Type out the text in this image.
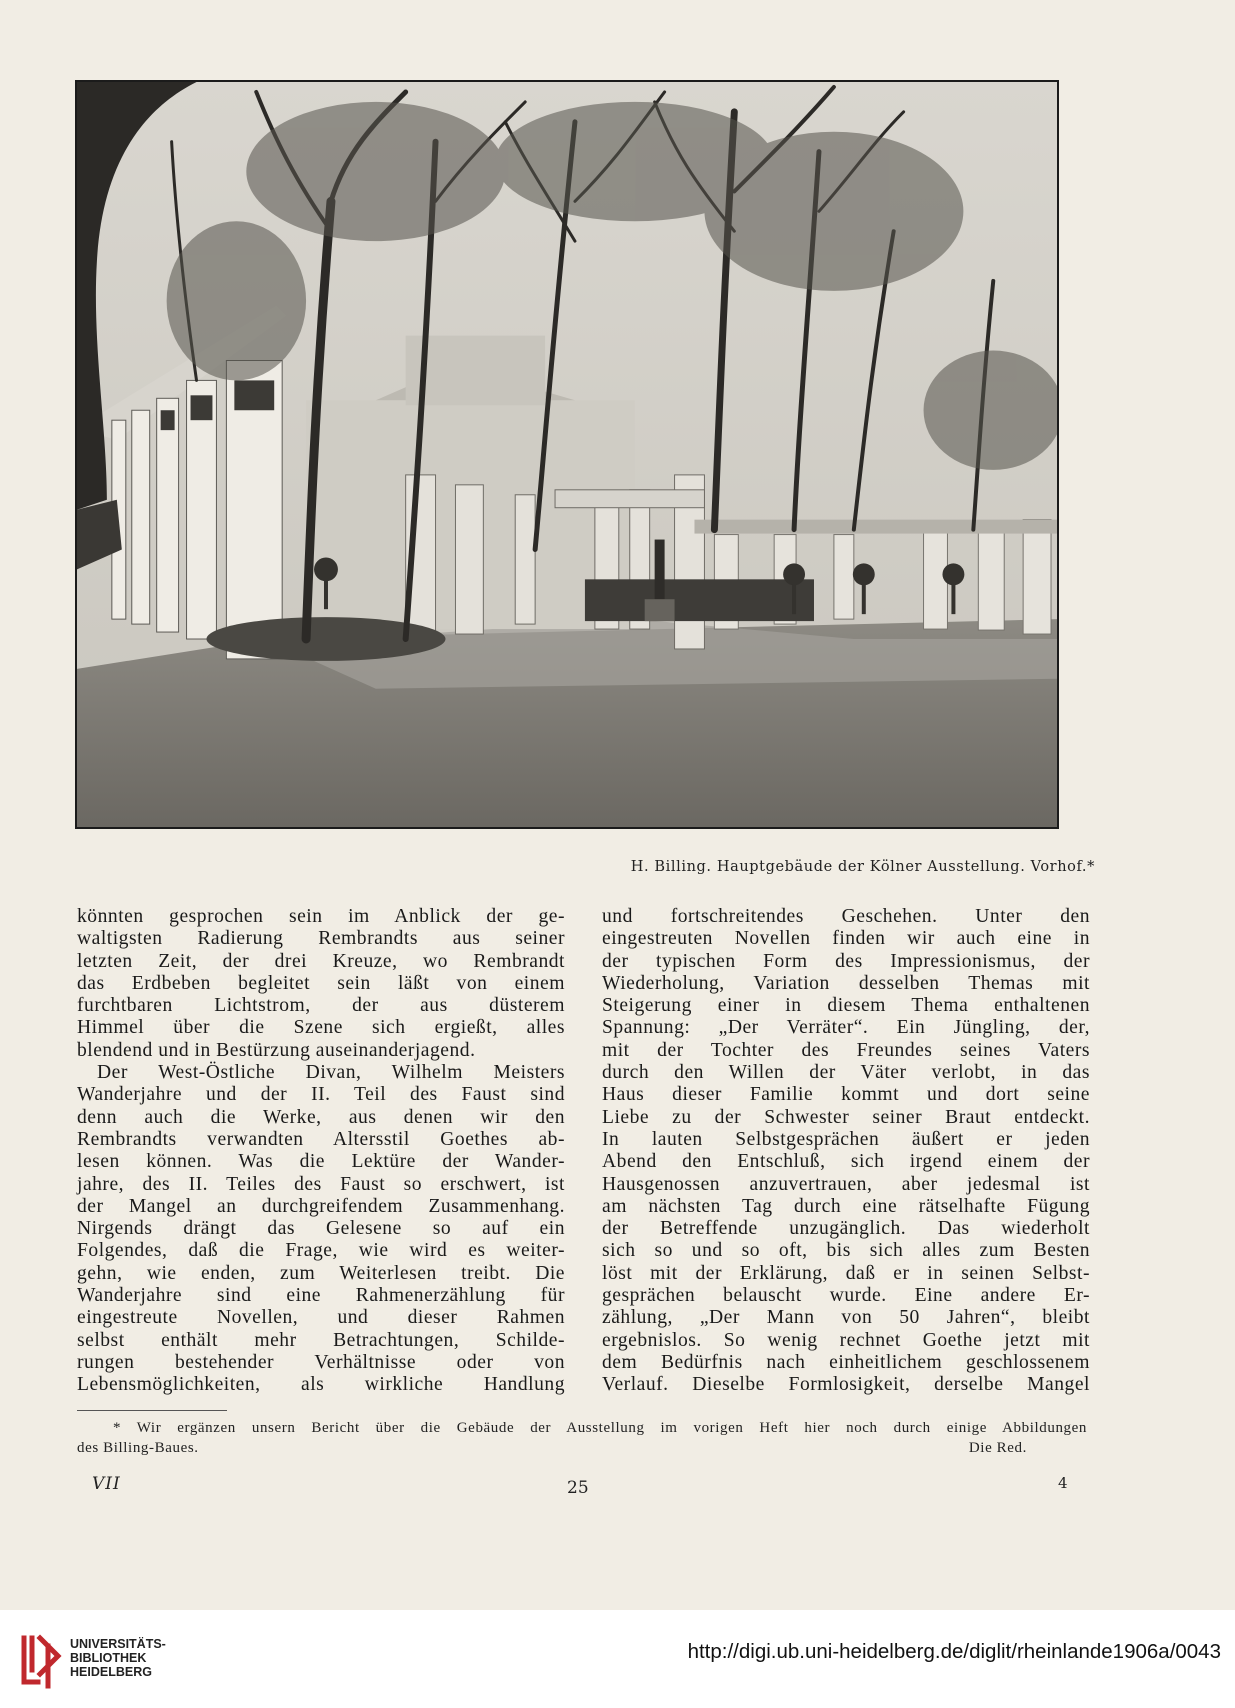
H. Billing. Hauptgebäude der Kölner Ausstellung. Vorhof.*
könnten gesprochen sein im Anblick der ge-
waltigsten Radierung Rembrandts aus seiner
letzten Zeit, der drei Kreuze, wo Rembrandt
das Erdbeben begleitet sein läßt von einem
furchtbaren Lichtstrom, der aus düsterem
Himmel über die Szene sich ergießt, alles
blendend und in Bestürzung auseinanderjagend.
Der West-Östliche Divan, Wilhelm Meisters
Wanderjahre und der II. Teil des Faust sind
denn auch die Werke, aus denen wir den
Rembrandts verwandten Altersstil Goethes ab-
lesen können. Was die Lektüre der Wander-
jahre, des II. Teiles des Faust so erschwert, ist
der Mangel an durchgreifendem Zusammenhang.
Nirgends drängt das Gelesene so auf ein
Folgendes, daß die Frage, wie wird es weiter-
gehn, wie enden, zum Weiterlesen treibt. Die
Wanderjahre sind eine Rahmenerzählung für
eingestreute Novellen, und dieser Rahmen
selbst enthält mehr Betrachtungen, Schilde-
rungen bestehender Verhältnisse oder von
Lebensmöglichkeiten, als wirkliche Handlung
und fortschreitendes Geschehen. Unter den
eingestreuten Novellen finden wir auch eine in
der typischen Form des Impressionismus, der
Wiederholung, Variation desselben Themas mit
Steigerung einer in diesem Thema enthaltenen
Spannung: „Der Verräter“. Ein Jüngling, der,
mit der Tochter des Freundes seines Vaters
durch den Willen der Väter verlobt, in das
Haus dieser Familie kommt und dort seine
Liebe zu der Schwester seiner Braut entdeckt.
In lauten Selbstgesprächen äußert er jeden
Abend den Entschluß, sich irgend einem der
Hausgenossen anzuvertrauen, aber jedesmal ist
am nächsten Tag durch eine rätselhafte Fügung
der Betreffende unzugänglich. Das wiederholt
sich so und so oft, bis sich alles zum Besten
löst mit der Erklärung, daß er in seinen Selbst-
gesprächen belauscht wurde. Eine andere Er-
zählung, „Der Mann von 50 Jahren“, bleibt
ergebnislos. So wenig rechnet Goethe jetzt mit
dem Bedürfnis nach einheitlichem geschlossenem
Verlauf. Dieselbe Formlosigkeit, derselbe Mangel
* Wir ergänzen unsern Bericht über die Gebäude der Ausstellung im vorigen Heft hier noch durch einige Abbildungen
des Billing-Baues.	Die Red.
VII	25	4
UNIVERSITÄTS-
BIBLIOTHEK
HEIDELBERG
http://digi.ub.uni-heidelberg.de/diglit/rheinlande1906a/0043
